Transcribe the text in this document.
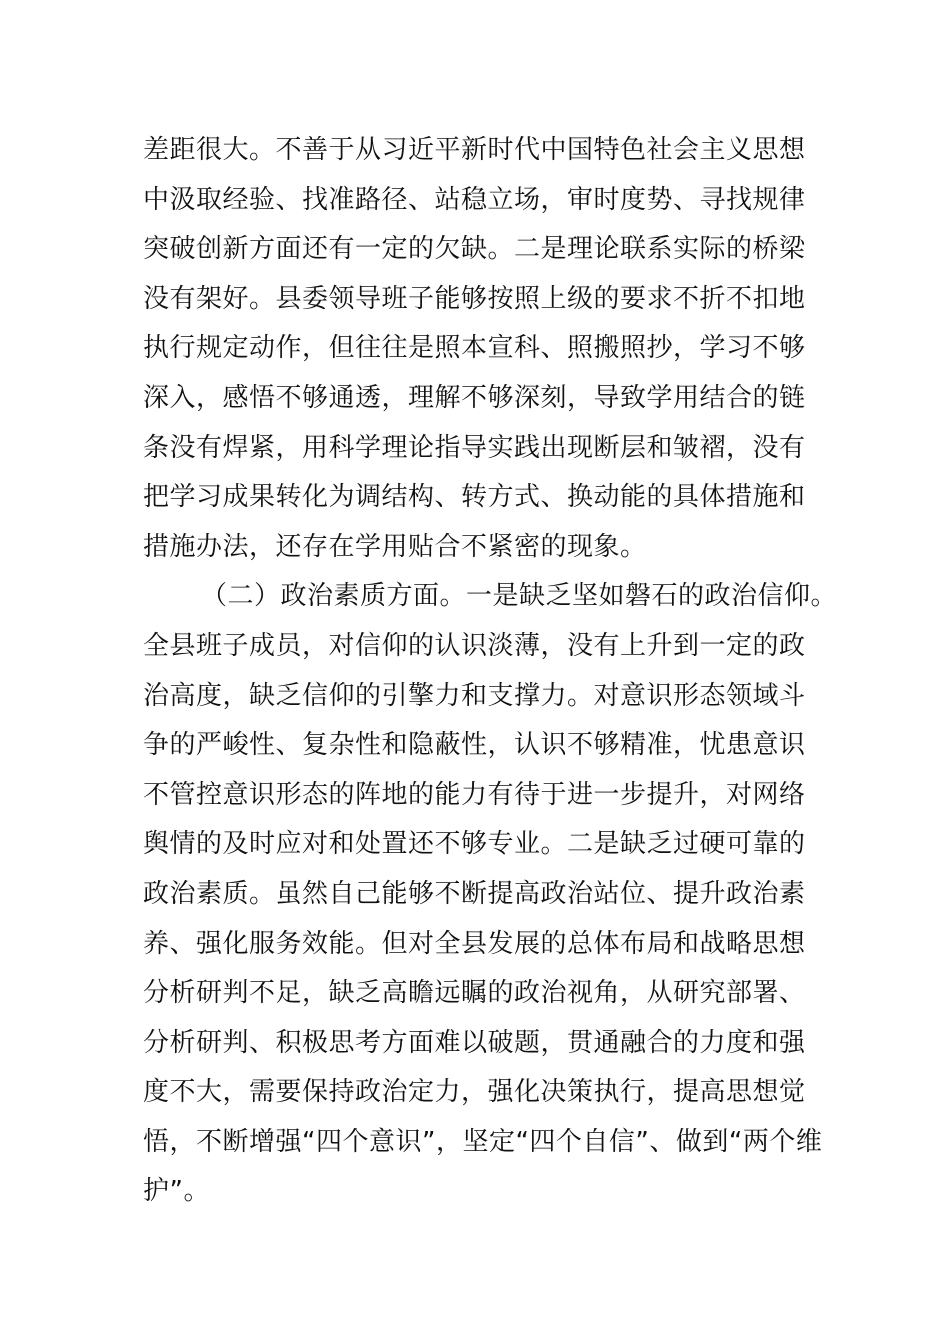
差距很大。不善于从习近平新时代中国特色社会主义思想
中汲取经验、找准路径、站稳立场，审时度势、寻找规律
突破创新方面还有一定的欠缺。二是理论联系实际的桥梁
没有架好。县委领导班子能够按照上级的要求不折不扣地
执行规定动作，但往往是照本宣科、照搬照抄，学习不够
深入，感悟不够通透，理解不够深刻，导致学用结合的链
条没有焊紧，用科学理论指导实践出现断层和皱褶，没有
把学习成果转化为调结构、转方式、换动能的具体措施和
措施办法，还存在学用贴合不紧密的现象。
（二）政治素质方面。一是缺乏坚如磐石的政治信仰。
全县班子成员，对信仰的认识淡薄，没有上升到一定的政
治高度，缺乏信仰的引擎力和支撑力。对意识形态领域斗
争的严峻性、复杂性和隐蔽性，认识不够精准，忧患意识
不管控意识形态的阵地的能力有待于进一步提升，对网络
舆情的及时应对和处置还不够专业。二是缺乏过硬可靠的
政治素质。虽然自己能够不断提高政治站位、提升政治素
养、强化服务效能。但对全县发展的总体布局和战略思想
分析研判不足，缺乏高瞻远瞩的政治视角，从研究部署、
分析研判、积极思考方面难以破题，贯通融合的力度和强
度不大，需要保持政治定力，强化决策执行，提高思想觉
悟，不断增强“四个意识”，坚定“四个自信”、做到“两个维
护”。
